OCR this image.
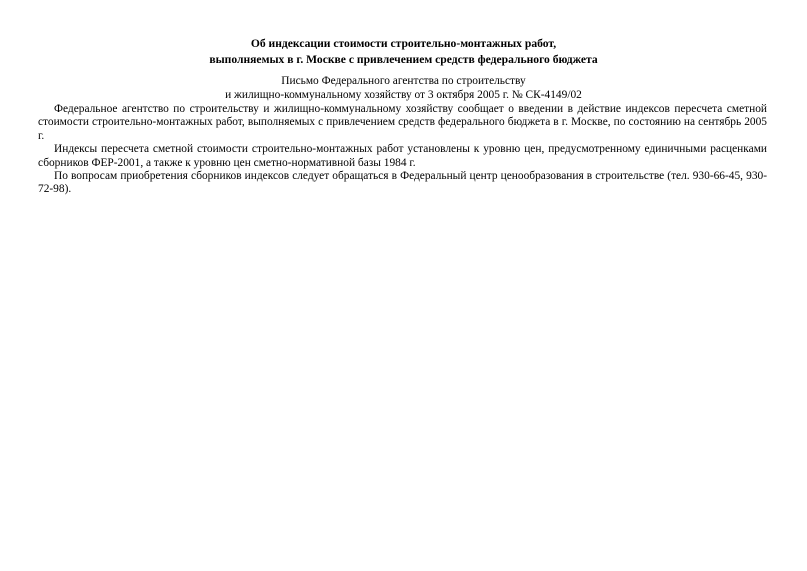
Об индексации стоимости строительно-монтажных работ,
выполняемых в г. Москве с привлечением средств федерального бюджета
Письмо Федерального агентства по строительству
и жилищно-коммунальному хозяйству от 3 октября 2005 г. № СК-4149/02

Федеральное агентство по строительству и жилищно-коммунальному хозяйству сообщает о введении в действие индексов пересчета сметной стоимости строительно-монтажных работ, выполняемых с привлечением средств федерального бюджета в г. Москве, по состоянию на сентябрь 2005 г.

Индексы пересчета сметной стоимости строительно-монтажных работ установлены к уровню цен, предусмотренному единичными расценками сборников ФЕР-2001, а также к уровню цен сметно-нормативной базы 1984 г.

По вопросам приобретения сборников индексов следует обращаться в Федеральный центр ценообразования в строительстве (тел. 930-66-45, 930-72-98).
